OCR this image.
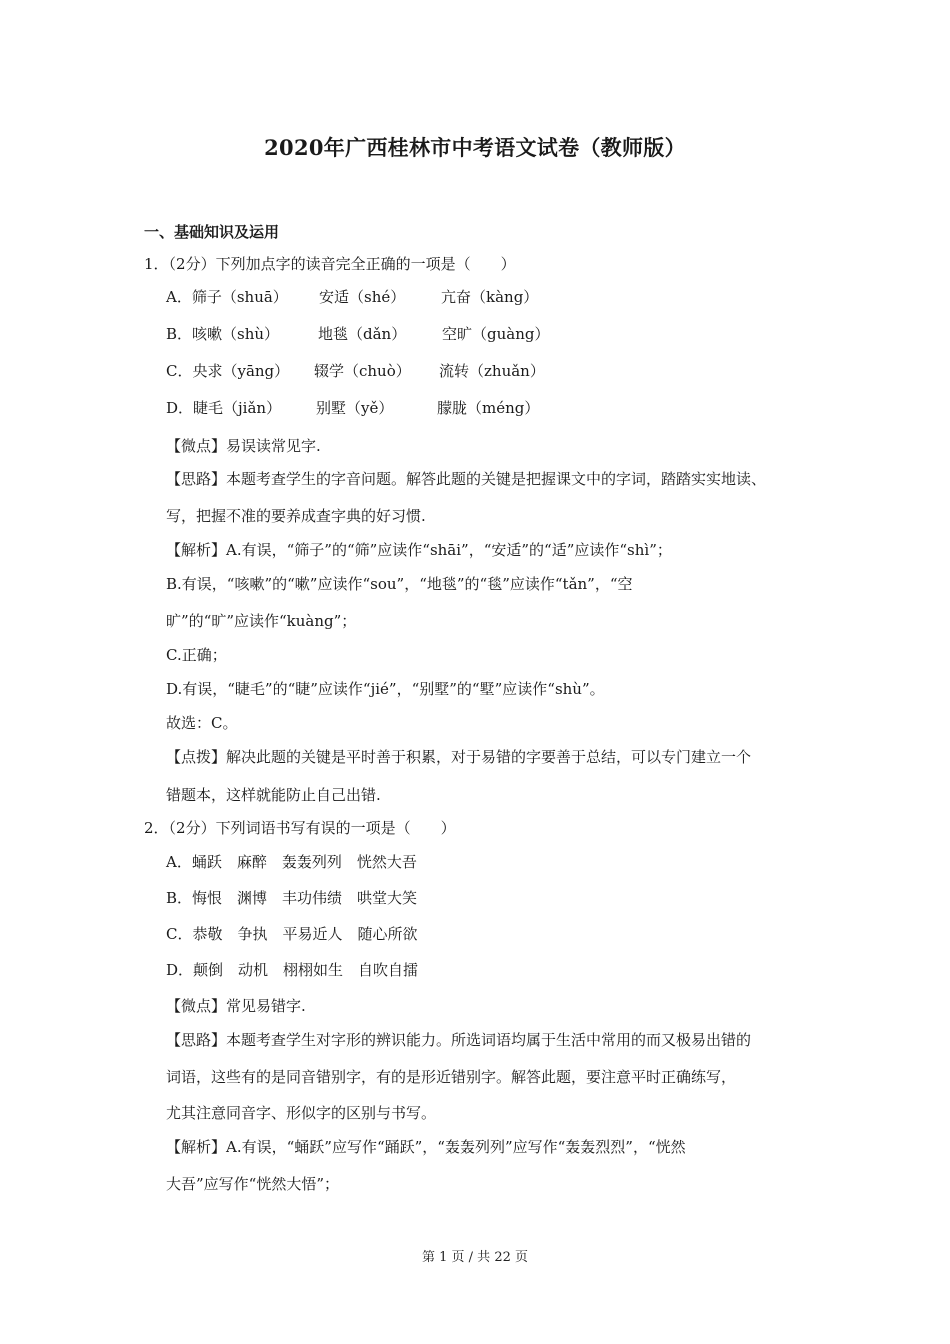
2020年广西桂林市中考语文试卷（教师版）
一、基础知识及运用
1．（2分）下列加点字的读音完全正确的一项是（　　）
A．筛子（shuā） 安适（shé） 亢奋（kàng）
B．咳嗽（shù）	地毯（dǎn） 空旷（guàng）
C．央求（yāng） 辍学（chuò） 流转（zhuǎn）
D．睫毛（jiǎn） 别墅（yě）	朦胧（méng）
【微点】易误读常见字.
【思路】本题考查学生的字音问题。解答此题的关键是把握课文中的字词，踏踏实实地读、
写，把握不准的要养成查字典的好习惯.
【解析】A.有误，“筛子”的“筛”应读作“shāi”，“安适”的“适”应读作“shì”；
B.有误，“咳嗽”的“嗽”应读作“sou”，“地毯”的“毯”应读作“tǎn”，“空
旷”的“旷”应读作“kuàng”；
C.正确；
D.有误，“睫毛”的“睫”应读作“jié”，“别墅”的“墅”应读作“shù”。
故选：C。
【点拨】解决此题的关键是平时善于积累，对于易错的字要善于总结，可以专门建立一个
错题本，这样就能防止自己出错.
2．（2分）下列词语书写有误的一项是（　　）
A．蛹跃　麻醉　轰轰列列　恍然大吾
B．悔恨　渊博　丰功伟绩　哄堂大笑
C．恭敬　争执　平易近人　随心所欲
D．颠倒　动机　栩栩如生　自吹自擂
【微点】常见易错字.
【思路】本题考查学生对字形的辨识能力。所选词语均属于生活中常用的而又极易出错的
词语，这些有的是同音错别字，有的是形近错别字。解答此题，要注意平时正确练写，
尤其注意同音字、形似字的区别与书写。
【解析】A.有误，“蛹跃”应写作“踊跃”，“轰轰列列”应写作“轰轰烈烈”，“恍然
大吾”应写作“恍然大悟”；
第 1 页 / 共 22 页
